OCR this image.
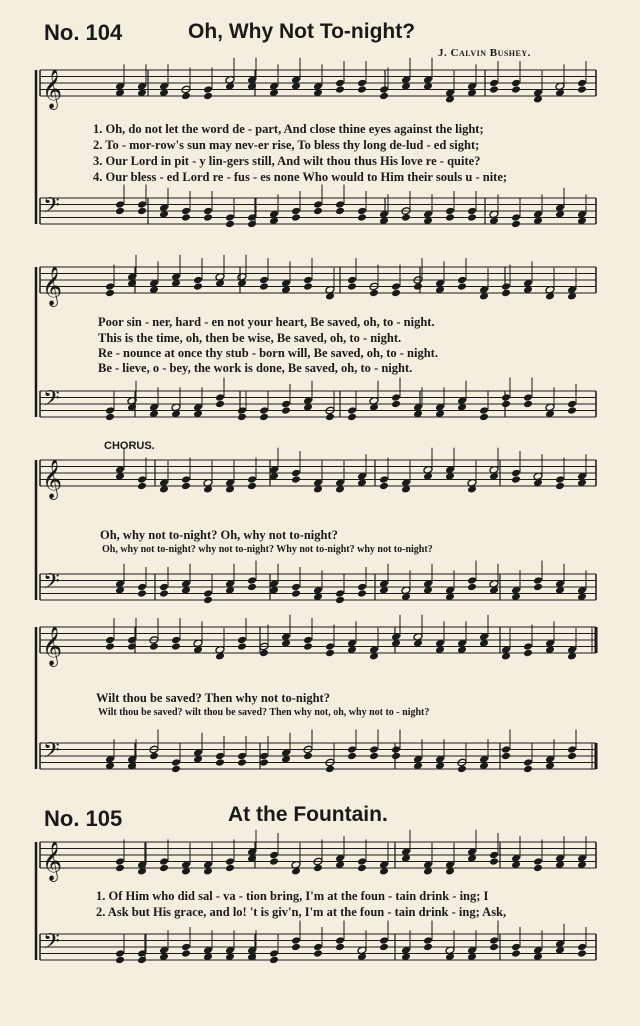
No. 104	Oh, Why Not To-night?
J. Calvin Bushey.
𝄞
𝄢
𝄞
𝄢
𝄞
𝄢
𝄞
𝄢
𝄞
𝄢
1. Oh, do not let the word de - part, And close thine eyes against the light;
2. To - mor-row's sun may nev-er rise, To bless thy long de-lud - ed sight;
3. Our Lord in pit - y lin-gers still, And wilt thou thus His love re - quite?
4. Our bless - ed Lord re - fus - es none Who would to Him their souls u - nite;
Poor sin - ner, hard - en not your heart, Be saved, oh, to - night.
This is the time, oh, then be wise, Be saved, oh, to - night.
Re - nounce at once thy stub - born will, Be saved, oh, to - night.
Be - lieve, o - bey, the work is done, Be saved, oh, to - night.
CHORUS.
Oh, why not to-night? Oh, why not to-night?
Oh, why not to-night? why not to-night? Why not to-night? why not to-night?
Wilt thou be saved? Then why not to-night?
Wilt thou be saved? wilt thou be saved? Then why not, oh, why not to - night?
No. 105	At the Fountain.
1. Of Him who did sal - va - tion bring, I'm at the foun - tain drink - ing; I
2. Ask but His grace, and lo! 't is giv'n, I'm at the foun - tain drink - ing; Ask,
